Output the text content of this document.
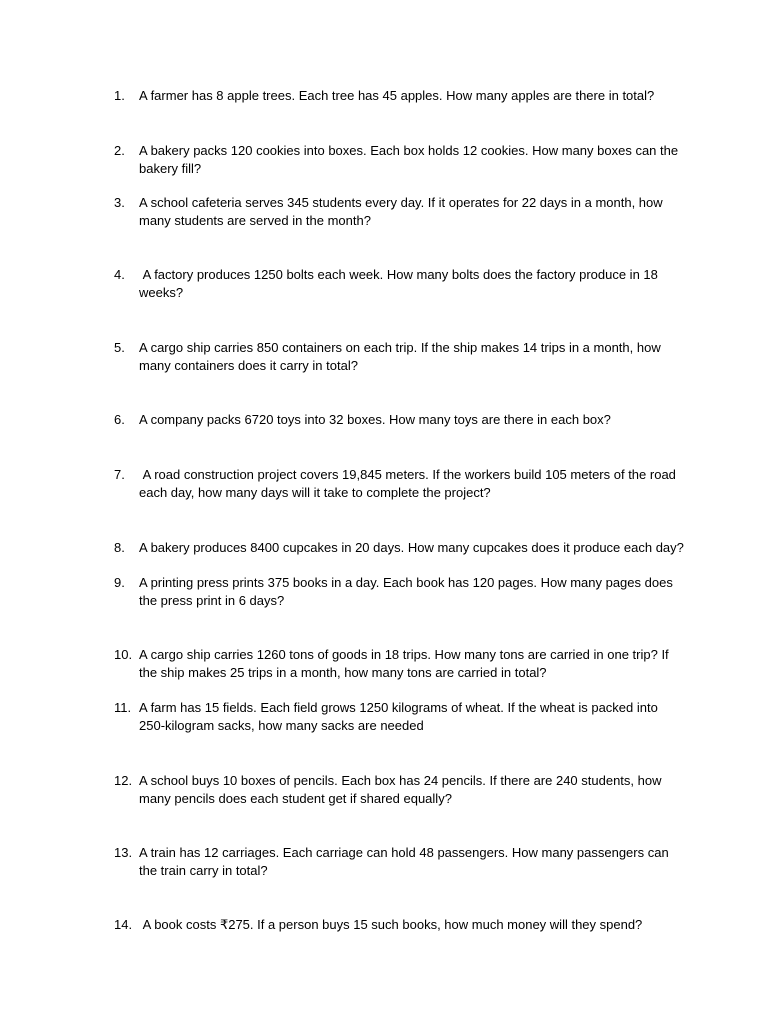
1.	A farmer has 8 apple trees. Each tree has 45 apples. How many apples are there in total?
2.	A bakery packs 120 cookies into boxes. Each box holds 12 cookies. How many boxes can the bakery fill?
3.	A school cafeteria serves 345 students every day. If it operates for 22 days in a month, how many students are served in the month?
4.	A factory produces 1250 bolts each week. How many bolts does the factory produce in 18 weeks?
5.	A cargo ship carries 850 containers on each trip. If the ship makes 14 trips in a month, how many containers does it carry in total?
6.	A company packs 6720 toys into 32 boxes. How many toys are there in each box?
7.	A road construction project covers 19,845 meters. If the workers build 105 meters of the road each day, how many days will it take to complete the project?
8.	A bakery produces 8400 cupcakes in 20 days. How many cupcakes does it produce each day?
9.	A printing press prints 375 books in a day. Each book has 120 pages. How many pages does the press print in 6 days?
10. A cargo ship carries 1260 tons of goods in 18 trips. How many tons are carried in one trip? If the ship makes 25 trips in a month, how many tons are carried in total?
11. A farm has 15 fields. Each field grows 1250 kilograms of wheat. If the wheat is packed into 250-kilogram sacks, how many sacks are needed
12. A school buys 10 boxes of pencils. Each box has 24 pencils. If there are 240 students, how many pencils does each student get if shared equally?
13. A train has 12 carriages. Each carriage can hold 48 passengers. How many passengers can the train carry in total?
14. A book costs ₹275. If a person buys 15 such books, how much money will they spend?
